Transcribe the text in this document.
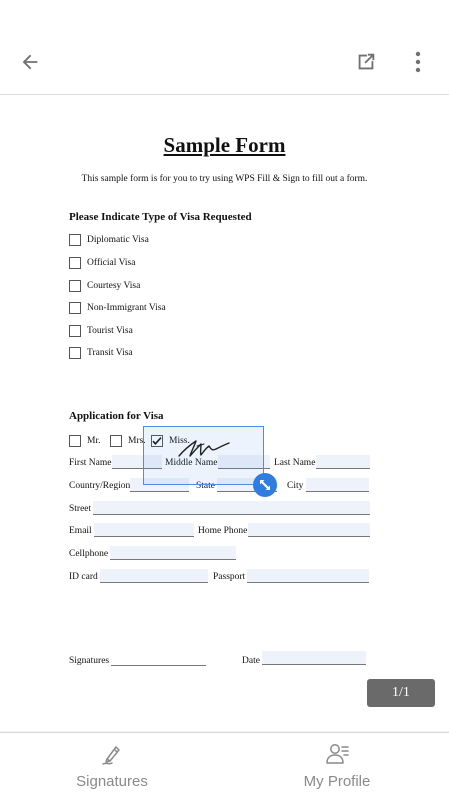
Sample Form
This sample form is for you to try using WPS Fill & Sign to fill out a form.
Please Indicate Type of Visa Requested
Diplomatic Visa
Official Visa
Courtesy Visa
Non-Immigrant Visa
Tourist Visa
Transit Visa
Application for Visa
Mr.	Mrs. Miss.
First Name	Middle Name	Last Name
Country/Region	State	City
Street
Email	Home Phone
Cellphone
ID card	Passport
Signatures	Date
1/1
Signatures	My Profile
